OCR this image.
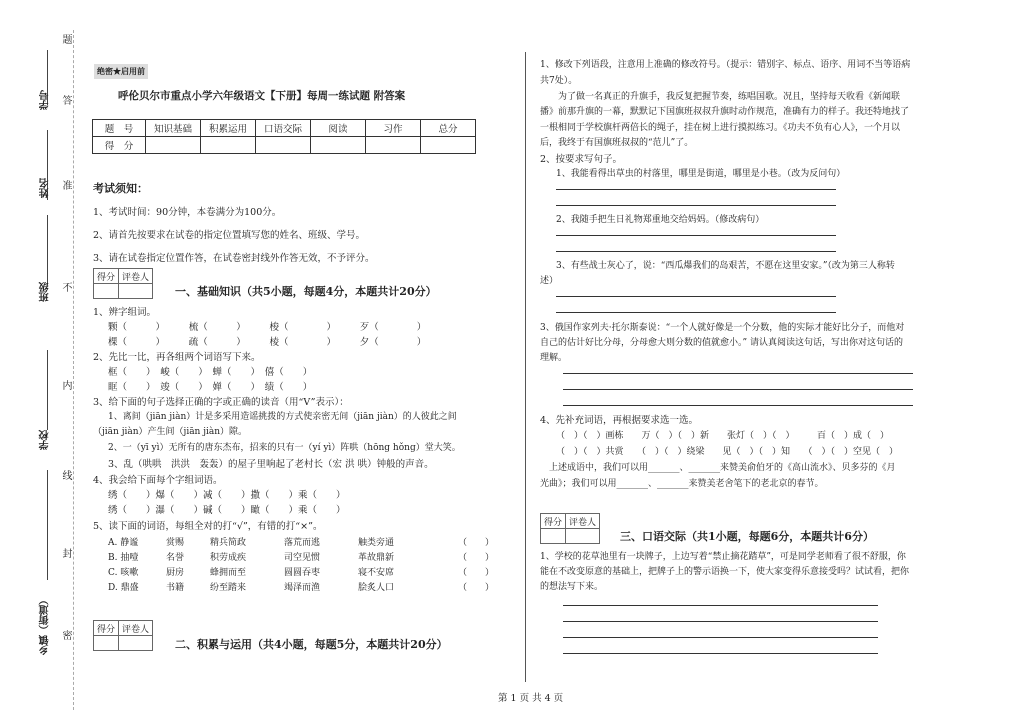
学号
题
答
姓名 准
班级 不
内
学校
线
封
乡镇（街道） 密
绝密★启用前
呼伦贝尔市重点小学六年级语文【下册】每周一练试题 附答案
题　号	知识基础	积累运用	口语交际	阅读	习作	总分
得　分						
考试须知：
1、考试时间：90分钟，本卷满分为100分。
2、请首先按要求在试卷的指定位置填写您的姓名、班级、学号。
3、请在试卷指定位置作答，在试卷密封线外作答无效，不予评分。
得分	评卷人

一、基础知识（共5小题，每题4分，本题共计20分）
1、辨字组词。
颗（　　　）　　　梳（　　　）　　　梭（　　　　）　　　歹（　　　　）
棵（　　　）　　　疏（　　　）　　　棱（　　　　）　　　夕（　　　　）
2、先比一比，再各组两个词语写下来。
框（　　）　峻（　　）　蝉（　　）　僖（　　）
眶（　　）　竣（　　）　婵（　　）　绩（　　）
3、给下面的句子选择正确的字或正确的读音（用“V”表示）：
1、离间（jiān jiàn）计是多采用造谣挑拨的方式使亲密无间（jiān jiàn）的人彼此之间
（jiān jiàn）产生间（jiān jiàn）隙。
2、一（yī yì）无所有的唐东杰布，招来的只有一（yí yì）阵哄（hōng hǒng）堂大笑。
3、乱（哄哄　洪洪　轰轰）的屋子里响起了老村长（宏 洪 哄）钟般的声音。
4、我会给下面每个字组词语。
绣（　　）爆（　　）减（　　）撒（　　）乘（　　）
绣（　　）瀑（　　）碱（　　）瞰（　　）乘（　　）
5、读下面的词语，每组全对的打“√”，有错的打“×”。
A. 静谧	赏赐	精兵简政	落荒而逃	触类旁通	（　　）
B. 抽噎	名誉	积劳成疾	司空见惯	革故鼎新	（　　）
C. 咳嗽	厨房	蜂拥而至	圆圆吞枣	寝不安席	（　　）
D. 鼎盛	书籍	纷至踏来	竭泽而渔	脍炙人口	（　　）
得分	评卷人

二、积累与运用（共4小题，每题5分，本题共计20分）
1、修改下列语段，注意用上准确的修改符号。（提示：错别字、标点、语序、用词不当等语病
共7处）。
　　为了做一名真正的升旗手，我反复把握节奏，练唱国歌。况且，坚持每天收看《新闻联
播》前那升旗的一幕，默默记下国旗班叔叔升旗时动作规范，准确有力的样子。我还特地找了
一根相同于学校旗杆两倍长的绳子，挂在树上进行摸拟练习。《功夫不负有心人》，一个月以
后，我终于有国旗班叔叔的“范儿”了。
2、按要求写句子。
1、我能看得出草虫的村落里，哪里是街道，哪里是小巷。（改为反问句）
2、我随手把生日礼物郑重地交给妈妈。（修改病句）
3、有些战士灰心了，说：“西瓜爆我们的岛艰苦，不愿在这里安家。”（改为第三人称转
述）
3、俄国作家列夫·托尔斯泰说：“一个人就好像是一个分数，他的实际才能好比分子，而他对
自己的估计好比分母，分母愈大则分数的值就愈小。” 请认真阅读这句话，写出你对这句话的
理解。
4、先补充词语，再根据要求选一选。
（　）（　）画栋　　万（　）（　）新　　张灯（　）（　）　　　百（　）成（　）
（　）（　）共赏　　（　）（　）绕梁　　见（　）（　）知　　（　）（　）空见（　）
　上述成语中，我们可以用_______、_______来赞美俞伯牙的《高山流水》、贝多芬的《月
光曲》；我们可以用_______、_______来赞美老舍笔下的老北京的春节。
得分	评卷人

三、口语交际（共1小题，每题6分，本题共计6分）
1、学校的花草池里有一块牌子，上边写着“禁止摘花踏草”，可是同学老师看了很不舒服，你
能在不改变原意的基础上，把牌子上的警示语换一下，使大家变得乐意接受吗？试试看，把你
的想法写下来。
第 1 页 共 4 页
